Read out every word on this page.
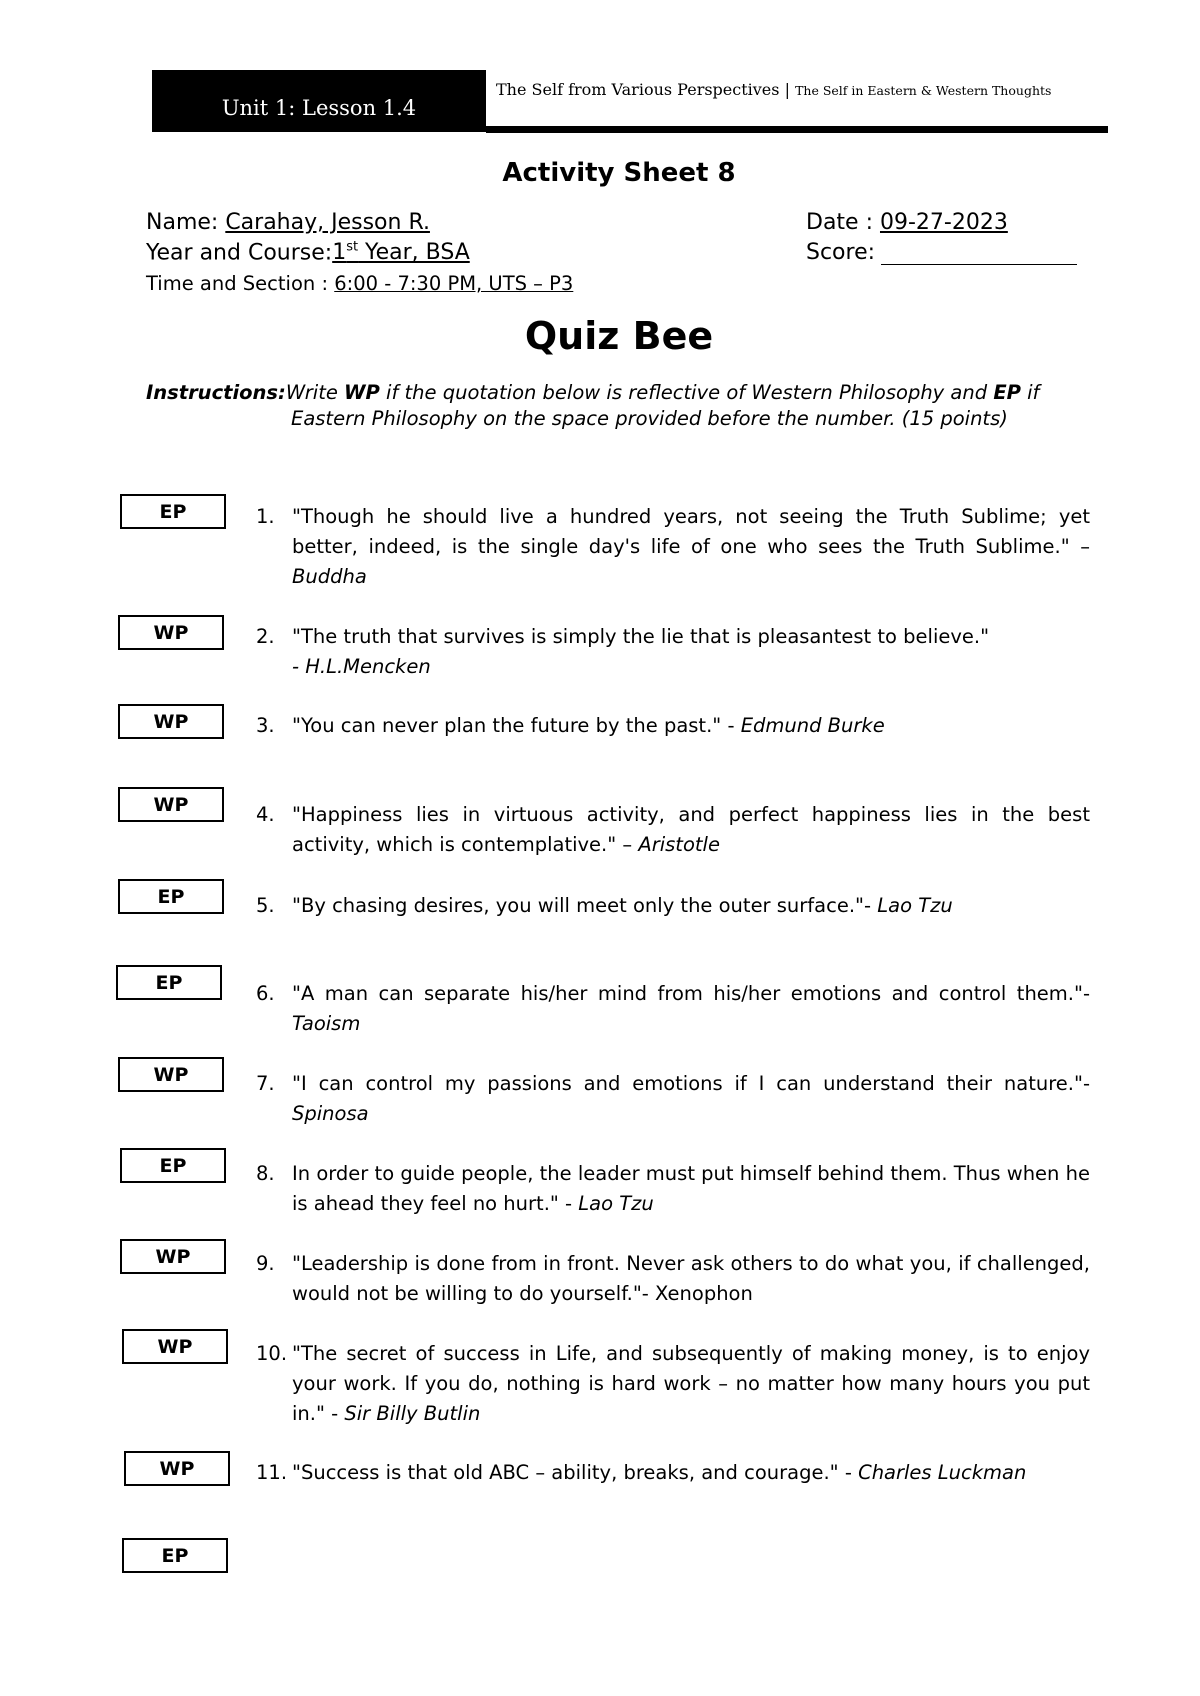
Unit 1: Lesson 1.4
The Self from Various Perspectives | The Self in Eastern & Western Thoughts
Activity Sheet 8
Name: Carahay, Jesson R.
Year and Course:1st Year, BSA
Time and Section : 6:00 - 7:30 PM, UTS – P3
Date : 09-27-2023
Score:
Quiz Bee
Instructions:Write WP if the quotation below is reflective of Western Philosophy and EP if
Eastern Philosophy on the space provided before the number. (15 points)
EP
WP
WP
WP
EP
EP
WP
EP
WP
WP
WP
EP
1. "Though he should live a hundred years, not seeing the Truth Sublime; yet better, indeed, is the single day's life of one who sees the Truth Sublime." –Buddha
2. "The truth that survives is simply the lie that is pleasantest to believe."
- H.L.Mencken
3. "You can never plan the future by the past." - Edmund Burke
4. "Happiness lies in virtuous activity, and perfect happiness lies in the best activity, which is contemplative." – Aristotle
5. "By chasing desires, you will meet only the outer surface."- Lao Tzu
6. "A man can separate his/her mind from his/her emotions and control them."-Taoism
7. "I can control my passions and emotions if I can understand their nature."- Spinosa
8. In order to guide people, the leader must put himself behind them. Thus when he is ahead they feel no hurt." - Lao Tzu
9. "Leadership is done from in front. Never ask others to do what you, if challenged, would not be willing to do yourself."- Xenophon
10. "The secret of success in Life, and subsequently of making money, is to enjoy your work. If you do, nothing is hard work – no matter how many hours you put in." - Sir Billy Butlin
11. "Success is that old ABC – ability, breaks, and courage." - Charles Luckman
